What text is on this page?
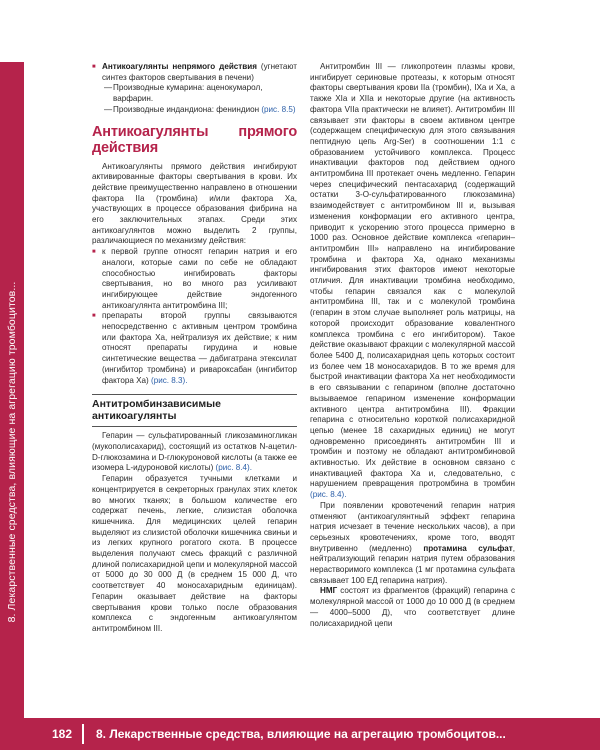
8. Лекарственные средства, влияющие на агрегацию тромбоцитов...
■ Антикоагулянты непрямого действия (угнетают синтез факторов свертывания в печени)
— Производные кумарина: аценокумарол, варфарин.
— Производные индандиона: фениндион (рис. 8.5)
Антикоагулянты прямого действия

Антикоагулянты прямого действия ингибируют активированные факторы свертывания в крови. Их действие преимущественно направлено в отношении фактора IIa (тромбина) и/или фактора Xa, участвующих в процессе образования фибрина на его заключительных этапах. Среди этих антикоагулянтов можно выделить 2 группы, различающиеся по механизму действия:

■ к первой группе относят гепарин натрия и его аналоги, которые сами по себе не обладают способностью ингибировать факторы свертывания, но во много раз усиливают ингибирующее действие эндогенного антикоагулянта антитромбина III;
■ препараты второй группы связываются непосредственно с активным центром тромбина или фактора Xa, нейтрализуя их действие; к ним относят препараты гирудина и новые синтетические вещества — дабигатрана этексилат (ингибитор тромбина) и ривароксабан (ингибитор фактора Xa) (рис. 8.3).
Антитромбинзависимые антикоагулянты

Гепарин — сульфатированный гликозаминогликан (мукополисахарид), состоящий из остатков N-ацетил-D-глюкозамина и D-глюкуроновой кислоты (а также ее изомера L-идуроновой кислоты) (рис. 8.4).

Гепарин образуется тучными клетками и концентрируется в секреторных гранулах этих клеток во многих тканях; в большом количестве его содержат печень, легкие, слизистая оболочка кишечника. Для медицинских целей гепарин выделяют из слизистой оболочки кишечника свиньи и из легких крупного рогатого скота. В процессе выделения получают смесь фракций с различной длиной полисахаридной цепи и молекулярной массой от 5000 до 30 000 Д (в среднем 15 000 Д, что соответствует 40 моносахаридным единицам). Гепарин оказывает действие на факторы свертывания крови только после образования комплекса с эндогенным антикоагулянтом антитромбином III.

Антитромбин III — гликопротеин плазмы крови, ингибирует сериновые протеазы, к которым относят факторы свертывания крови IIa (тромбин), IXa и Xa, а также XIa и XIIa и некоторые другие (на активность фактора VIIa практически не влияет). Антитромбин III связывает эти факторы в своем активном центре (содержащем специфическую для этого связывания пептидную цепь Arg-Ser) в соотношении 1:1 с образованием устойчивого комплекса. Процесс инактивации факторов под действием одного антитромбина III протекает очень медленно. Гепарин через специфический пентасахарид (содержащий остатки 3-O-сульфатированного глюкозамина) взаимодействует с антитромбином III и, вызывая изменения конформации его активного центра, приводит к ускорению этого процесса примерно в 1000 раз. Основное действие комплекса «гепарин–антитромбин III» направлено на ингибирование тромбина и фактора Xa, однако механизмы ингибирования этих факторов имеют некоторые отличия. Для инактивации тромбина необходимо, чтобы гепарин связался как с молекулой антитромбина III, так и с молекулой тромбина (гепарин в этом случае выполняет роль матрицы, на которой происходит образование ковалентного комплекса тромбина с его ингибитором). Такое действие оказывают фракции с молекулярной массой более 5400 Д, полисахаридная цепь которых состоит из более чем 18 моносахаридов. В то же время для быстрой инактивации фактора Xa нет необходимости в его связывании с гепарином (вполне достаточно вызываемое гепарином изменение конформации активного центра антитромбина III). Фракции гепарина с относительно короткой полисахаридной цепью (менее 18 сахаридных единиц) не могут одновременно присоединять антитромбин III и тромбин и поэтому не обладают антитромбиновой активностью. Их действие в основном связано с инактивацией фактора Xa и, следовательно, с нарушением превращения протромбина в тромбин (рис. 8.4).

При появлении кровотечений гепарин натрия отменяют (антикоагулянтный эффект гепарина натрия исчезает в течение нескольких часов), а при серьезных кровотечениях, кроме того, вводят внутривенно (медленно) протамина сульфат, нейтрализующий гепарин натрия путем образования нерастворимого комплекса (1 мг протамина сульфата связывает 100 ЕД гепарина натрия).

НМГ состоят из фрагментов (фракций) гепарина с молекулярной массой от 1000 до 10 000 Д (в среднем — 4000–5000 Д), что соответствует длине полисахаридной цепи

182	8. Лекарственные средства, влияющие на агрегацию тромбоцитов...
